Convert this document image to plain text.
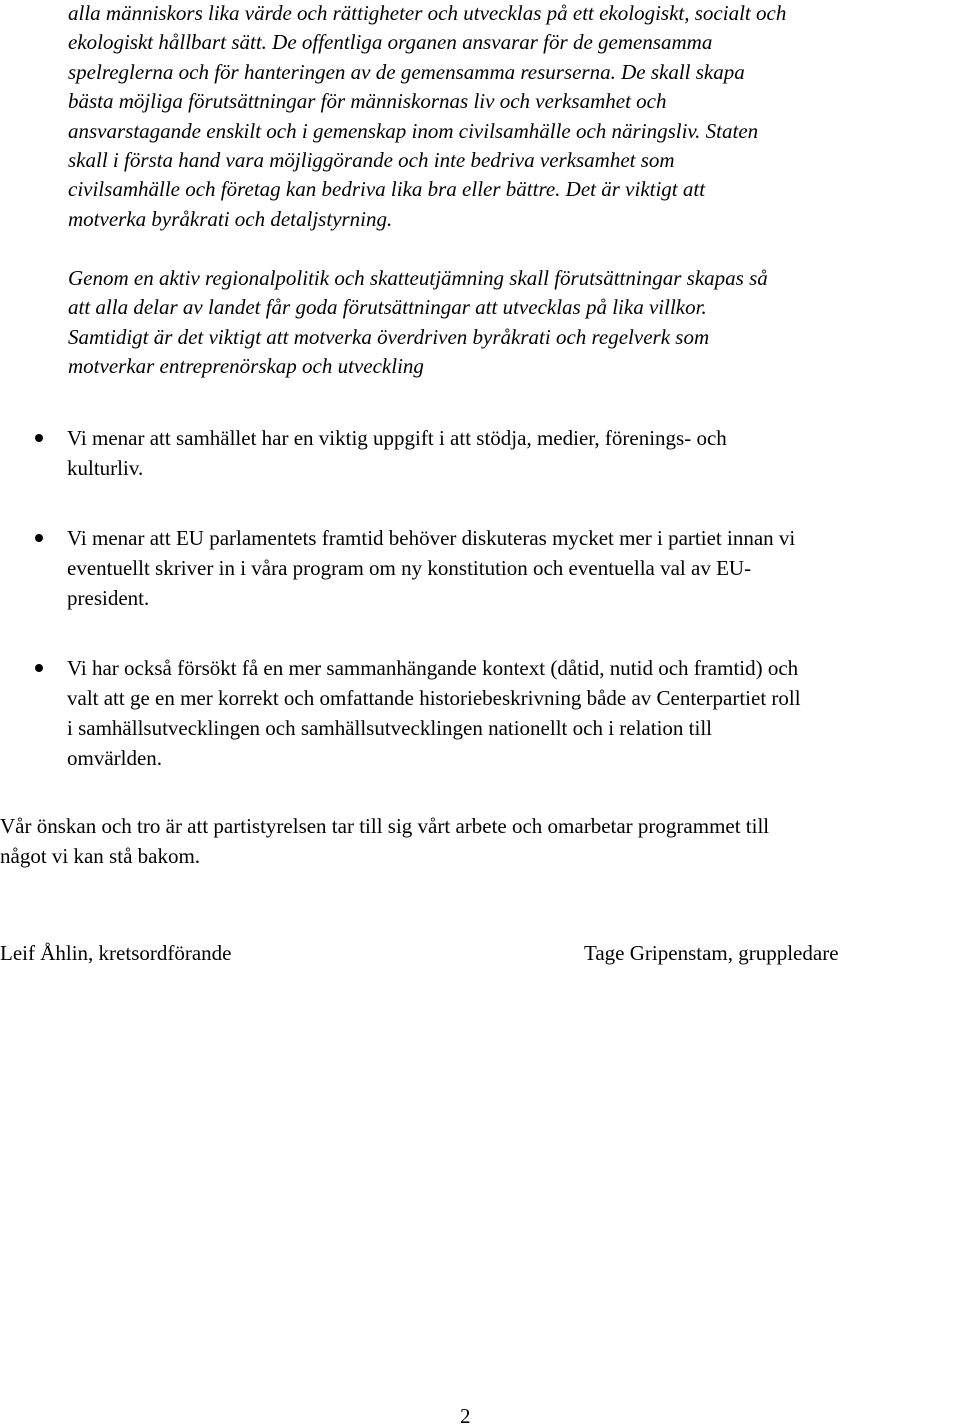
alla människors lika värde och rättigheter och utvecklas på ett ekologiskt, socialt och
ekologiskt hållbart sätt. De offentliga organen ansvarar för de gemensamma
spelreglerna och för hanteringen av de gemensamma resurserna. De skall skapa
bästa möjliga förutsättningar för människornas liv och verksamhet och
ansvarstagande enskilt och i gemenskap inom civilsamhälle och näringsliv. Staten
skall i första hand vara möjliggörande och inte bedriva verksamhet som
civilsamhälle och företag kan bedriva lika bra eller bättre. Det är viktigt att
motverka byråkrati och detaljstyrning.

Genom en aktiv regionalpolitik och skatteutjämning skall förutsättningar skapas så
att alla delar av landet får goda förutsättningar att utvecklas på lika villkor.
Samtidigt är det viktigt att motverka överdriven byråkrati och regelverk som
motverkar entreprenörskap och utveckling

Vi menar att samhället har en viktig uppgift i att stödja, medier, förenings- och
kulturliv.

Vi menar att EU parlamentets framtid behöver diskuteras mycket mer i partiet innan vi
eventuellt skriver in i våra program om ny konstitution och eventuella val av EU-
president.

Vi har också försökt få en mer sammanhängande kontext (dåtid, nutid och framtid) och
valt att ge en mer korrekt och omfattande historiebeskrivning både av Centerpartiet roll
i samhällsutvecklingen och samhällsutvecklingen nationellt och i relation till
omvärlden.

Vår önskan och tro är att partistyrelsen tar till sig vårt arbete och omarbetar programmet till
något vi kan stå bakom.

Leif Åhlin, kretsordförande	Tage Gripenstam, gruppledare
2
